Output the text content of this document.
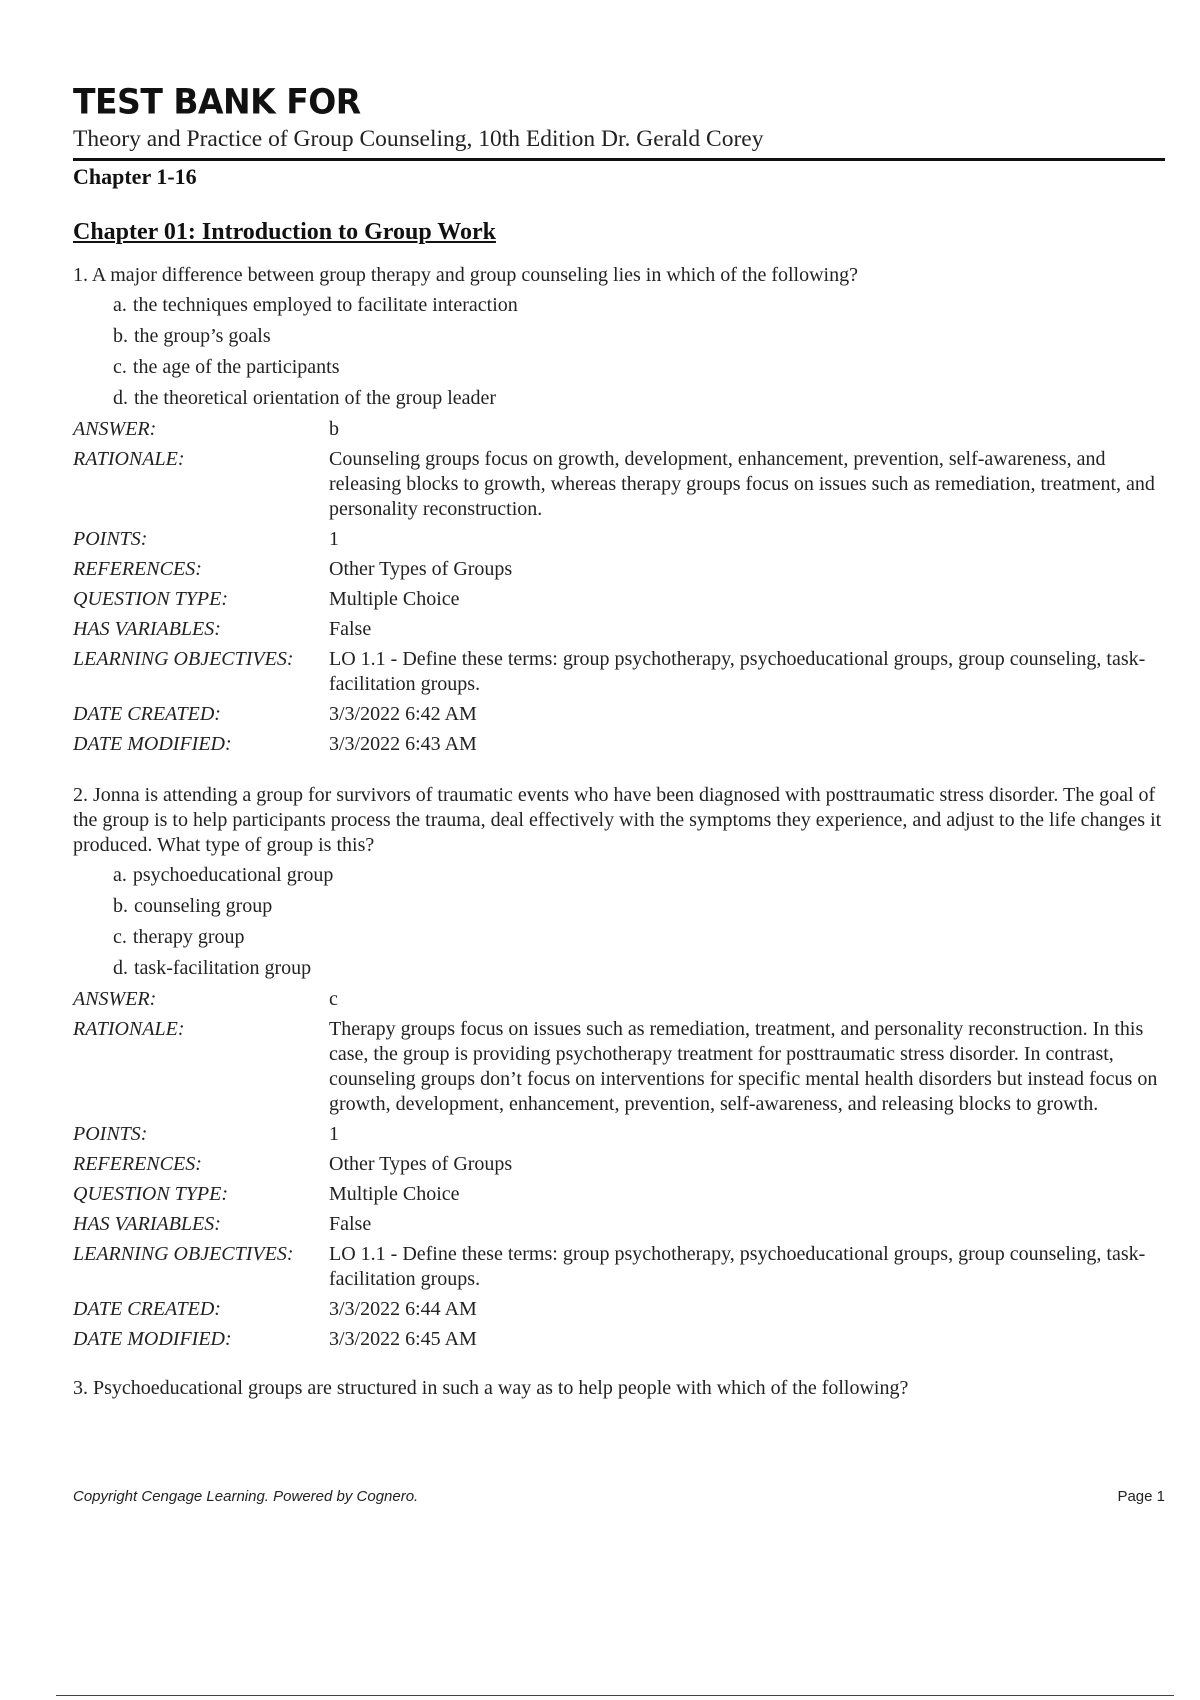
TEST BANK FOR
Theory and Practice of Group Counseling, 10th Edition Dr. Gerald Corey
Chapter 1-16
Chapter 01: Introduction to Group Work
1. A major difference between group therapy and group counseling lies in which of the following?
a. the techniques employed to facilitate interaction
b. the group’s goals
c. the age of the participants
d. the theoretical orientation of the group leader
ANSWER:	b
RATIONALE:	Counseling groups focus on growth, development, enhancement, prevention, self-awareness, and releasing blocks to growth, whereas therapy groups focus on issues such as remediation, treatment, and personality reconstruction.
POINTS:	1
REFERENCES:	Other Types of Groups
QUESTION TYPE:	Multiple Choice
HAS VARIABLES:	False
LEARNING OBJECTIVES:	LO 1.1 - Define these terms: group psychotherapy, psychoeducational groups, group counseling, task-facilitation groups.
DATE CREATED:	3/3/2022 6:42 AM
DATE MODIFIED:	3/3/2022 6:43 AM
2. Jonna is attending a group for survivors of traumatic events who have been diagnosed with posttraumatic stress disorder. The goal of the group is to help participants process the trauma, deal effectively with the symptoms they experience, and adjust to the life changes it produced. What type of group is this?
a. psychoeducational group
b. counseling group
c. therapy group
d. task-facilitation group
ANSWER:	c
RATIONALE:	Therapy groups focus on issues such as remediation, treatment, and personality reconstruction. In this case, the group is providing psychotherapy treatment for posttraumatic stress disorder. In contrast, counseling groups don’t focus on interventions for specific mental health disorders but instead focus on growth, development, enhancement, prevention, self-awareness, and releasing blocks to growth.
POINTS:	1
REFERENCES:	Other Types of Groups
QUESTION TYPE:	Multiple Choice
HAS VARIABLES:	False
LEARNING OBJECTIVES:	LO 1.1 - Define these terms: group psychotherapy, psychoeducational groups, group counseling, task-facilitation groups.
DATE CREATED:	3/3/2022 6:44 AM
DATE MODIFIED:	3/3/2022 6:45 AM
3. Psychoeducational groups are structured in such a way as to help people with which of the following?
Copyright Cengage Learning. Powered by Cognero.	Page 1
